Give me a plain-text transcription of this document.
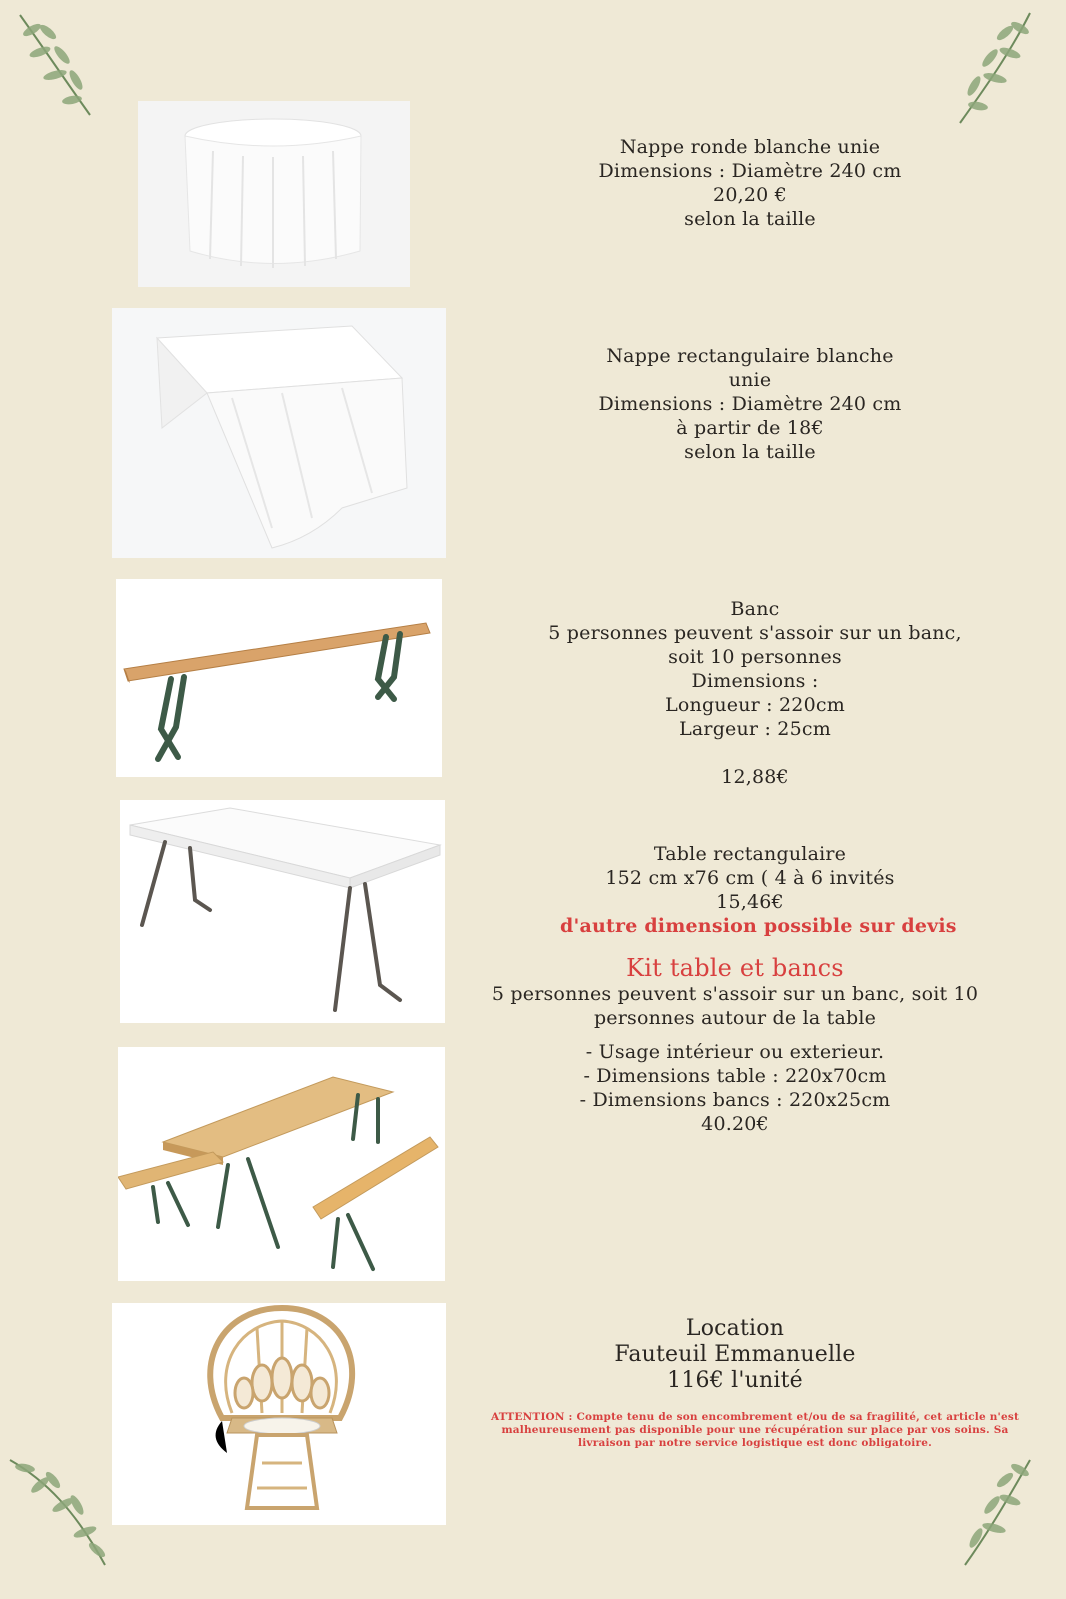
Nappe ronde blanche unie
Dimensions : Diamètre 240 cm
20,20 €
selon la taille
Nappe rectangulaire blanche
unie
Dimensions : Diamètre 240 cm
à partir de 18€
selon la taille
Banc
5 personnes peuvent s'assoir sur un banc,
soit 10 personnes
Dimensions :
Longueur : 220cm
Largeur : 25cm
12,88€
Table rectangulaire
152 cm x76 cm ( 4 à 6 invités
15,46€
d'autre dimension possible sur devis
Kit table et bancs
5 personnes peuvent s'assoir sur un banc, soit 10
personnes autour de la table
- Usage intérieur ou exterieur.
- Dimensions table : 220x70cm
- Dimensions bancs : 220x25cm
40.20€
Location
Fauteuil Emmanuelle
116€ l'unité
ATTENTION : Compte tenu de son encombrement et/ou de sa fragilité, cet article n'est malheureusement pas disponible pour une récupération sur place par vos soins. Sa livraison par notre service logistique est donc obligatoire.
